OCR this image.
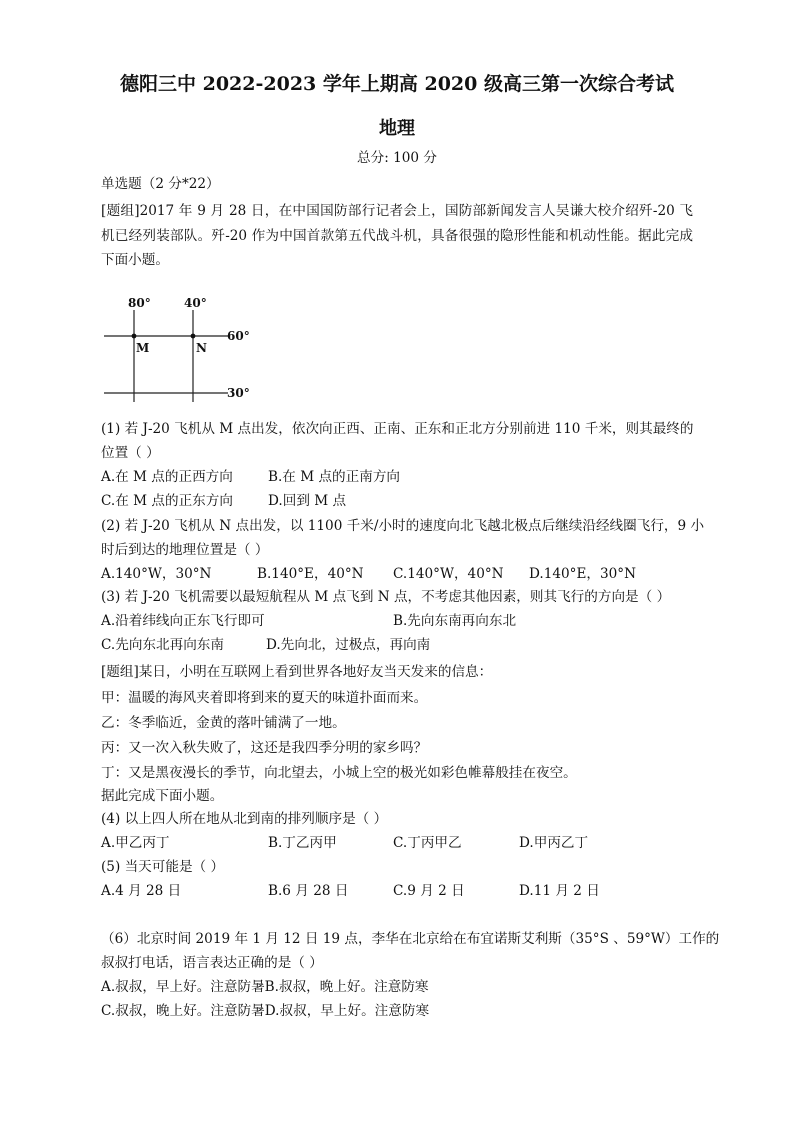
德阳三中 2022-2023 学年上期高 2020 级高三第一次综合考试
地理
总分: 100 分
单选题（2 分*22）
[题组]2017 年 9 月 28 日，在中国国防部行记者会上，国防部新闻发言人吴谦大校介绍歼-20 飞机已经列装部队。歼-20 作为中国首款第五代战斗机，具备很强的隐形性能和机动性能。据此完成下面小题。
80°	40°
60°
30°
M	N
(1) 若 J-20 飞机从 M 点出发，依次向正西、正南、正东和正北方分别前进 110 千米，则其最终的
位置（ ）
A.在 M 点的正西方向	B.在 M 点的正南方向
C.在 M 点的正东方向	D.回到 M 点
(2) 若 J-20 飞机从 N 点出发，以 1100 千米/小时的速度向北飞越北极点后继续沿经线圈飞行，9 小
时后到达的地理位置是（ ）
A.140°W，30°N	B.140°E，40°N C.140°W，40°N D.140°E，30°N
(3) 若 J-20 飞机需要以最短航程从 M 点飞到 N 点，不考虑其他因素，则其飞行的方向是（ ）
A.沿着纬线向正东飞行即可	B.先向东南再向东北
C.先向东北再向东南	D.先向北，过极点，再向南
[题组]某日，小明在互联网上看到世界各地好友当天发来的信息：
甲：温暖的海风夹着即将到来的夏天的味道扑面而来。
乙：冬季临近，金黄的落叶铺满了一地。
丙：又一次入秋失败了，这还是我四季分明的家乡吗？
丁：又是黑夜漫长的季节，向北望去，小城上空的极光如彩色帷幕般挂在夜空。
据此完成下面小题。
(4) 以上四人所在地从北到南的排列顺序是（ ）
A.甲乙丙丁	B.丁乙丙甲	C.丁丙甲乙	D.甲丙乙丁
(5) 当天可能是（ ）
A.4 月 28 日	B.6 月 28 日	C.9 月 2 日	D.11 月 2 日
（6）北京时间 2019 年 1 月 12 日 19 点，李华在北京给在布宜诺斯艾利斯（35°S 、59°W）工作的
叔叔打电话，语言表达正确的是（ ）
A.叔叔，早上好。注意防暑B.叔叔，晚上好。注意防寒
C.叔叔，晚上好。注意防暑D.叔叔，早上好。注意防寒
